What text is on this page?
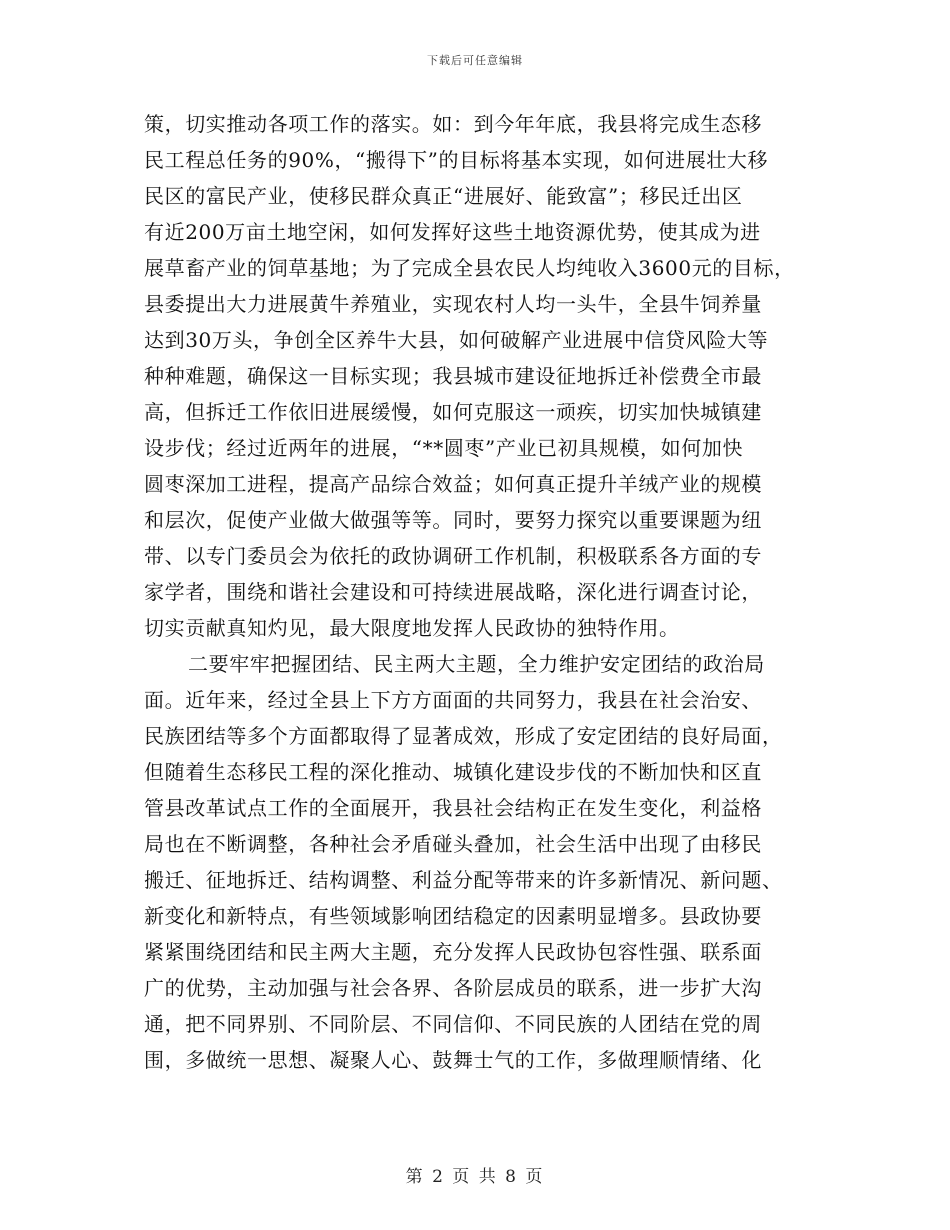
下载后可任意编辑
策，切实推动各项工作的落实。如：到今年年底，我县将完成生态移
民工程总任务的90%，“搬得下”的目标将基本实现，如何进展壮大移
民区的富民产业，使移民群众真正“进展好、能致富”；移民迁出区
有近200万亩土地空闲，如何发挥好这些土地资源优势，使其成为进
展草畜产业的饲草基地；为了完成全县农民人均纯收入3600元的目标，
县委提出大力进展黄牛养殖业，实现农村人均一头牛，全县牛饲养量
达到30万头，争创全区养牛大县，如何破解产业进展中信贷风险大等
种种难题，确保这一目标实现；我县城市建设征地拆迁补偿费全市最
高，但拆迁工作依旧进展缓慢，如何克服这一顽疾，切实加快城镇建
设步伐；经过近两年的进展，“**圆枣”产业已初具规模，如何加快
圆枣深加工进程，提高产品综合效益；如何真正提升羊绒产业的规模
和层次，促使产业做大做强等等。同时，要努力探究以重要课题为纽
带、以专门委员会为依托的政协调研工作机制，积极联系各方面的专
家学者，围绕和谐社会建设和可持续进展战略，深化进行调查讨论，
切实贡献真知灼见，最大限度地发挥人民政协的独特作用。
二要牢牢把握团结、民主两大主题，全力维护安定团结的政治局
面。近年来，经过全县上下方方面面的共同努力，我县在社会治安、
民族团结等多个方面都取得了显著成效，形成了安定团结的良好局面，
但随着生态移民工程的深化推动、城镇化建设步伐的不断加快和区直
管县改革试点工作的全面展开，我县社会结构正在发生变化，利益格
局也在不断调整，各种社会矛盾碰头叠加，社会生活中出现了由移民
搬迁、征地拆迁、结构调整、利益分配等带来的许多新情况、新问题、
新变化和新特点，有些领域影响团结稳定的因素明显增多。县政协要
紧紧围绕团结和民主两大主题，充分发挥人民政协包容性强、联系面
广的优势，主动加强与社会各界、各阶层成员的联系，进一步扩大沟
通，把不同界别、不同阶层、不同信仰、不同民族的人团结在党的周
围，多做统一思想、凝聚人心、鼓舞士气的工作，多做理顺情绪、化
第 2 页 共 8 页
